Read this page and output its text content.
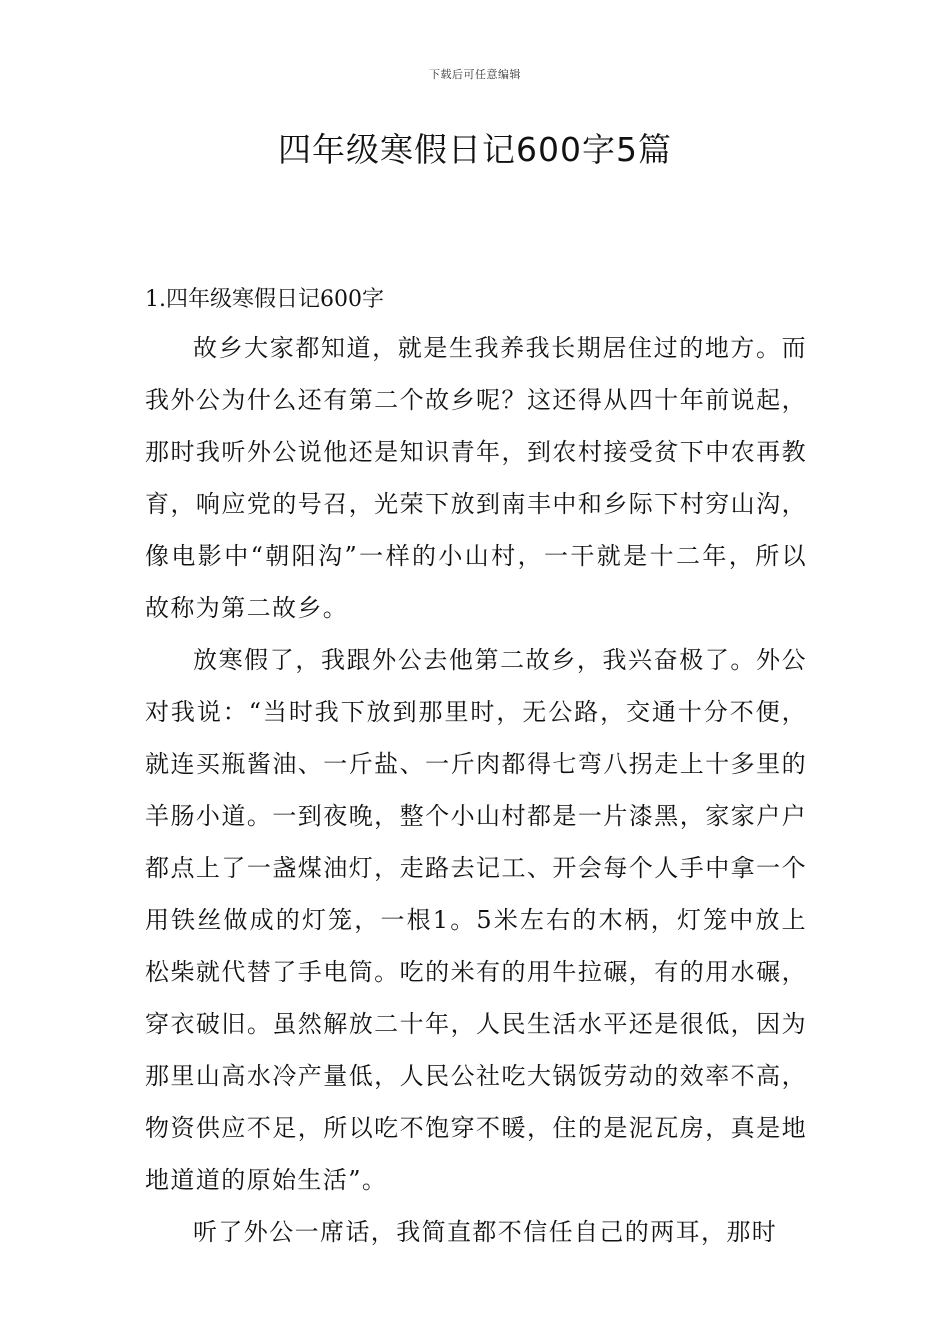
下载后可任意编辑
四年级寒假日记600字5篇
1.四年级寒假日记600字

故乡大家都知道，就是生我养我长期居住过的地方。而我外公为什么还有第二个故乡呢？这还得从四十年前说起，那时我听外公说他还是知识青年，到农村接受贫下中农再教育，响应党的号召，光荣下放到南丰中和乡际下村穷山沟，像电影中“朝阳沟”一样的小山村，一干就是十二年，所以故称为第二故乡。

放寒假了，我跟外公去他第二故乡，我兴奋极了。外公对我说：“当时我下放到那里时，无公路，交通十分不便，就连买瓶酱油、一斤盐、一斤肉都得七弯八拐走上十多里的羊肠小道。一到夜晚，整个小山村都是一片漆黑，家家户户都点上了一盏煤油灯，走路去记工、开会每个人手中拿一个用铁丝做成的灯笼，一根1。5米左右的木柄，灯笼中放上松柴就代替了手电筒。吃的米有的用牛拉碾，有的用水碾，穿衣破旧。虽然解放二十年，人民生活水平还是很低，因为那里山高水冷产量低，人民公社吃大锅饭劳动的效率不高，物资供应不足，所以吃不饱穿不暖，住的是泥瓦房，真是地地道道的原始生活”。

听了外公一席话，我简直都不信任自己的两耳，那时
